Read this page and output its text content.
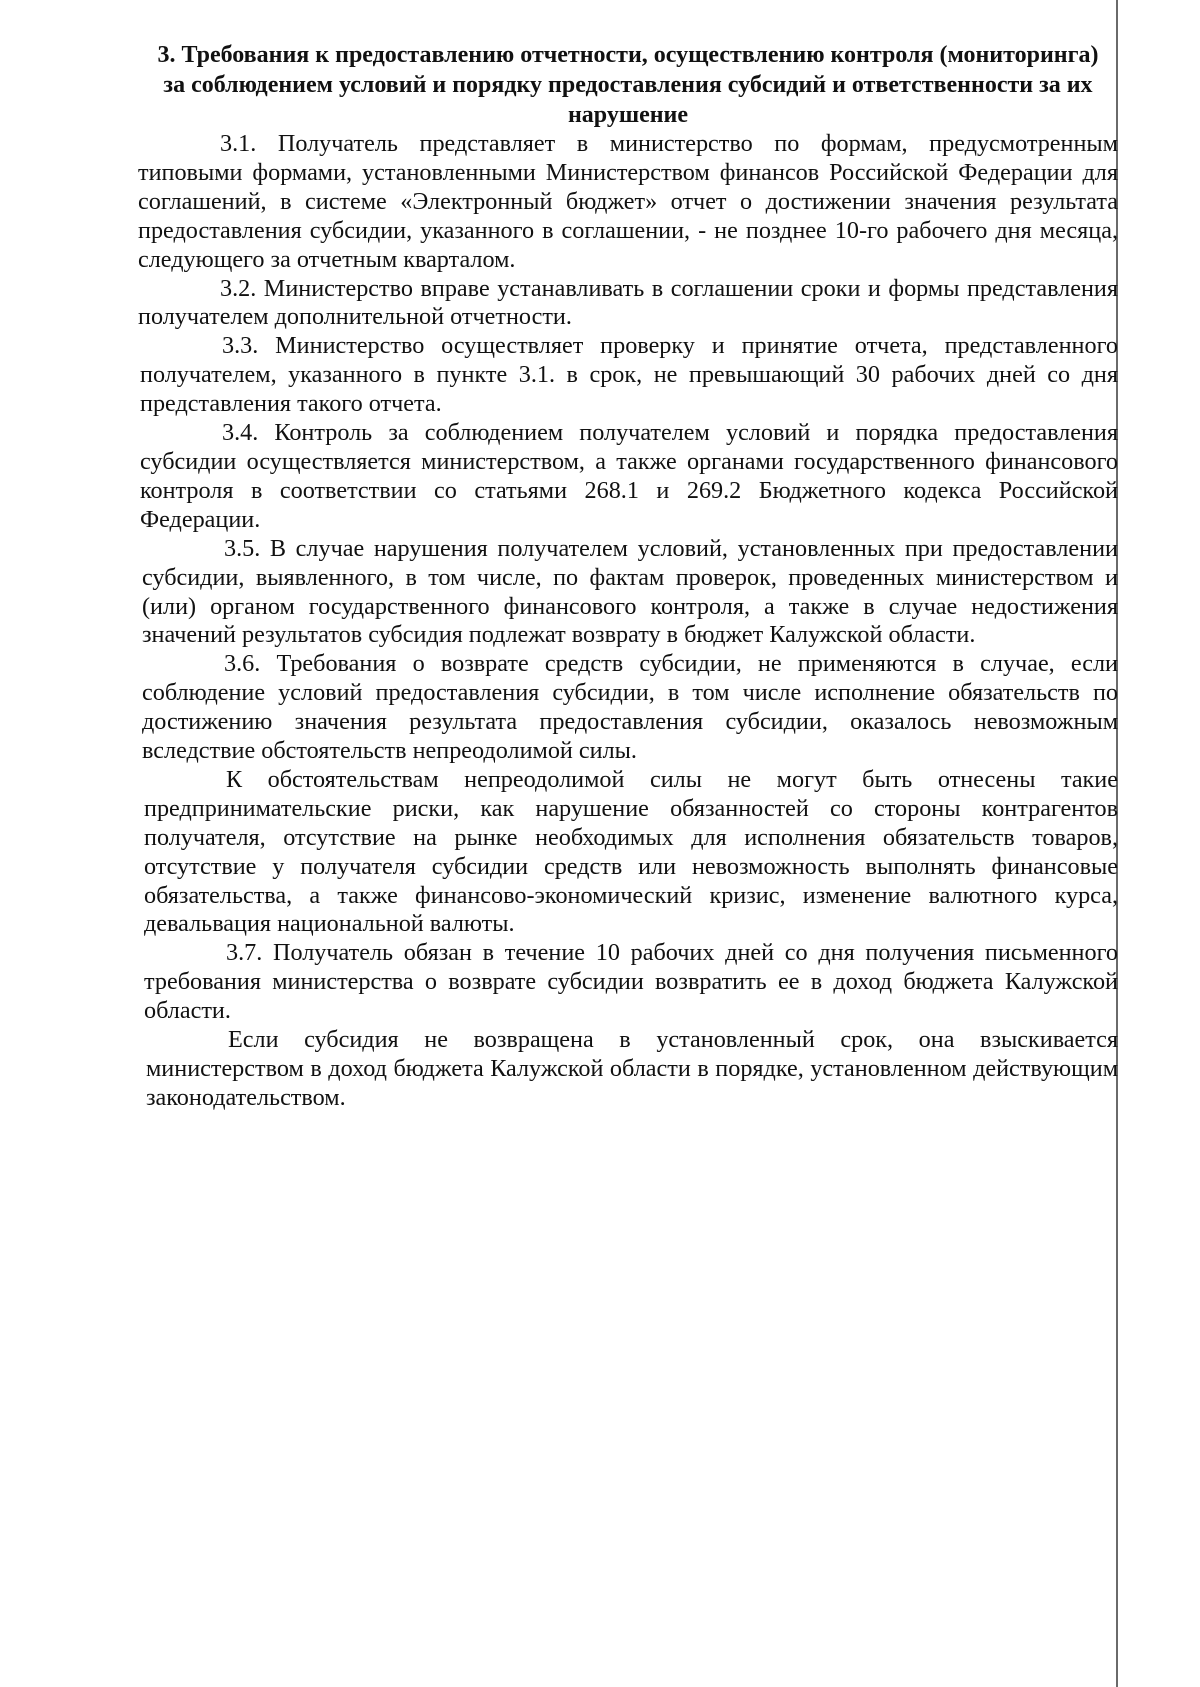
3. Требования к предоставлению отчетности, осуществлению контроля (мониторинга) за соблюдением условий и порядку предоставления субсидий и ответственности за их нарушение

3.1. Получатель представляет в министерство по формам, предусмотренным типовыми формами, установленными Министерством финансов Российской Федерации для соглашений, в системе «Электронный бюджет» отчет о достижении значения результата предоставления субсидии, указанного в соглашении, - не позднее 10-го рабочего дня месяца, следующего за отчетным кварталом.

3.2. Министерство вправе устанавливать в соглашении сроки и формы представления получателем дополнительной отчетности.

3.3. Министерство осуществляет проверку и принятие отчета, представленного получателем, указанного в пункте 3.1. в срок, не превышающий 30 рабочих дней со дня представления такого отчета.

3.4. Контроль за соблюдением получателем условий и порядка предоставления субсидии осуществляется министерством, а также органами государственного финансового контроля в соответствии со статьями 268.1 и 269.2 Бюджетного кодекса Российской Федерации.

3.5. В случае нарушения получателем условий, установленных при предоставлении субсидии, выявленного, в том числе, по фактам проверок, проведенных министерством и (или) органом государственного финансового контроля, а также в случае недостижения значений результатов субсидия подлежат возврату в бюджет Калужской области.

3.6. Требования о возврате средств субсидии, не применяются в случае, если соблюдение условий предоставления субсидии, в том числе исполнение обязательств по достижению значения результата предоставления субсидии, оказалось невозможным вследствие обстоятельств непреодолимой силы.

К обстоятельствам непреодолимой силы не могут быть отнесены такие предпринимательские риски, как нарушение обязанностей со стороны контрагентов получателя, отсутствие на рынке необходимых для исполнения обязательств товаров, отсутствие у получателя субсидии средств или невозможность выполнять финансовые обязательства, а также финансово-экономический кризис, изменение валютного курса, девальвация национальной валюты.

3.7. Получатель обязан в течение 10 рабочих дней со дня получения письменного требования министерства о возврате субсидии возвратить ее в доход бюджета Калужской области.

Если субсидия не возвращена в установленный срок, она взыскивается министерством в доход бюджета Калужской области в порядке, установленном действующим законодательством.
